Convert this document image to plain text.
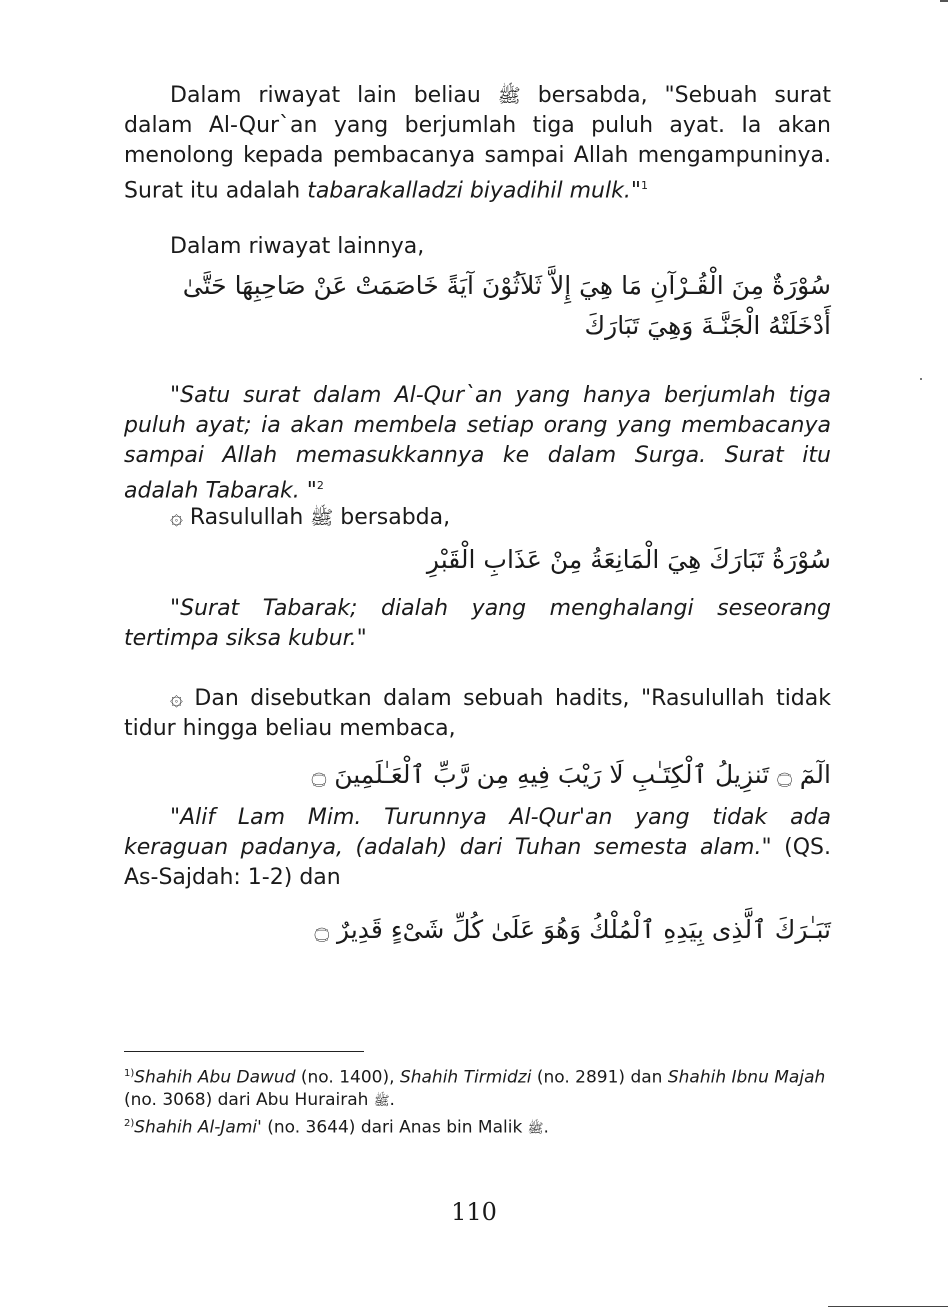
Dalam riwayat lain beliau ﷺ bersabda, "Sebuah surat dalam Al-Qur`an yang berjumlah tiga puluh ayat. Ia akan menolong kepada pembacanya sampai Allah mengampuninya. Surat itu adalah tabarakalladzi biyadihil mulk."$^1$

Dalam riwayat lainnya,

سُوْرَةٌ مِنَ الْقُـرْآنِ مَا هِيَ إِلاَّ ثَلاَثُوْنَ آيَةً خَاصَمَتْ عَنْ صَاحِبِهَا حَتَّىٰ أَدْخَلَتْهُ الْجَنَّـةَ وَهِيَ تَبَارَكَ

"Satu surat dalam Al-Qur`an yang hanya berjumlah tiga puluh ayat; ia akan membela setiap orang yang membacanya sampai Allah memasukkannya ke dalam Surga. Surat itu adalah Tabarak. "$^2$

۞ Rasulullah ﷺ bersabda,

سُوْرَةُ تَبَارَكَ هِيَ الْمَانِعَةُ مِنْ عَذَابِ الْقَبْرِ

"Surat Tabarak; dialah yang menghalangi seseorang tertimpa siksa kubur."

۞ Dan disebutkan dalam sebuah hadits, "Rasulullah tidak tidur hingga beliau membaca,

الٓمٓ ۝ تَنزِيلُ ٱلْكِتَـٰبِ لَا رَيْبَ فِيهِ مِن رَّبِّ ٱلْعَـٰلَمِينَ ۝

"Alif Lam Mim. Turunnya Al-Qur'an yang tidak ada keraguan padanya, (adalah) dari Tuhan semesta alam." (QS. As-Sajdah: 1-2) dan

تَبَـٰرَكَ ٱلَّذِى بِيَدِهِ ٱلْمُلْكُ وَهُوَ عَلَىٰ كُلِّ شَىْءٍ قَدِيرٌ ۝
$^{1)}$Shahih Abu Dawud (no. 1400), Shahih Tirmidzi (no. 2891) dan Shahih Ibnu Majah (no. 3068) dari Abu Hurairah ﷺ.
$^{2)}$Shahih Al-Jami' (no. 3644) dari Anas bin Malik ﷺ.
110
